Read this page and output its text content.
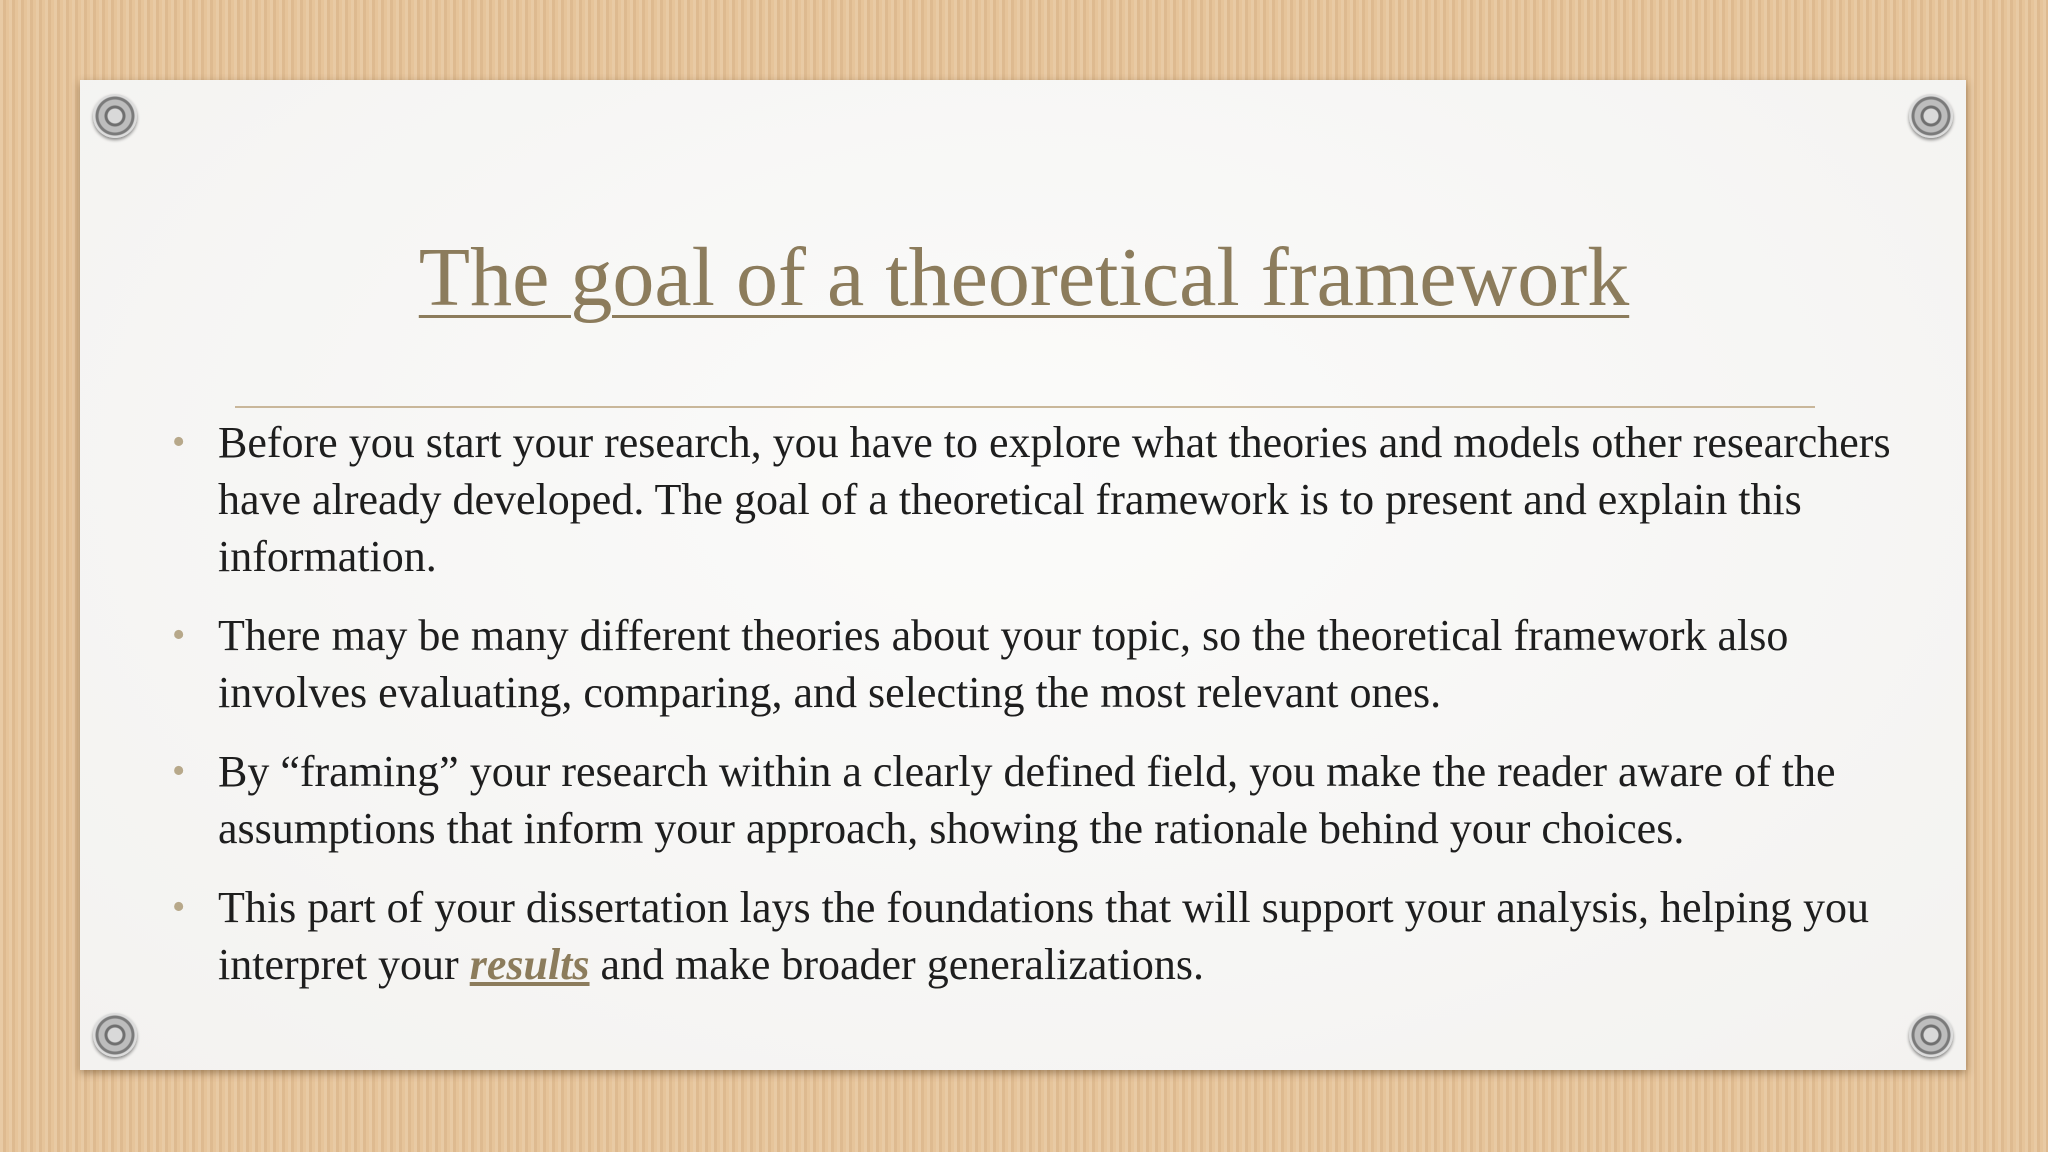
The goal of a theoretical framework
• Before you start your research, you have to explore what theories and models other researchers have already developed. The goal of a theoretical framework is to present and explain this information.
• There may be many different theories about your topic, so the theoretical framework also involves evaluating, comparing, and selecting the most relevant ones.
• By “framing” your research within a clearly defined field, you make the reader aware of the assumptions that inform your approach, showing the rationale behind your choices.
• This part of your dissertation lays the foundations that will support your analysis, helping you interpret your results and make broader generalizations.
